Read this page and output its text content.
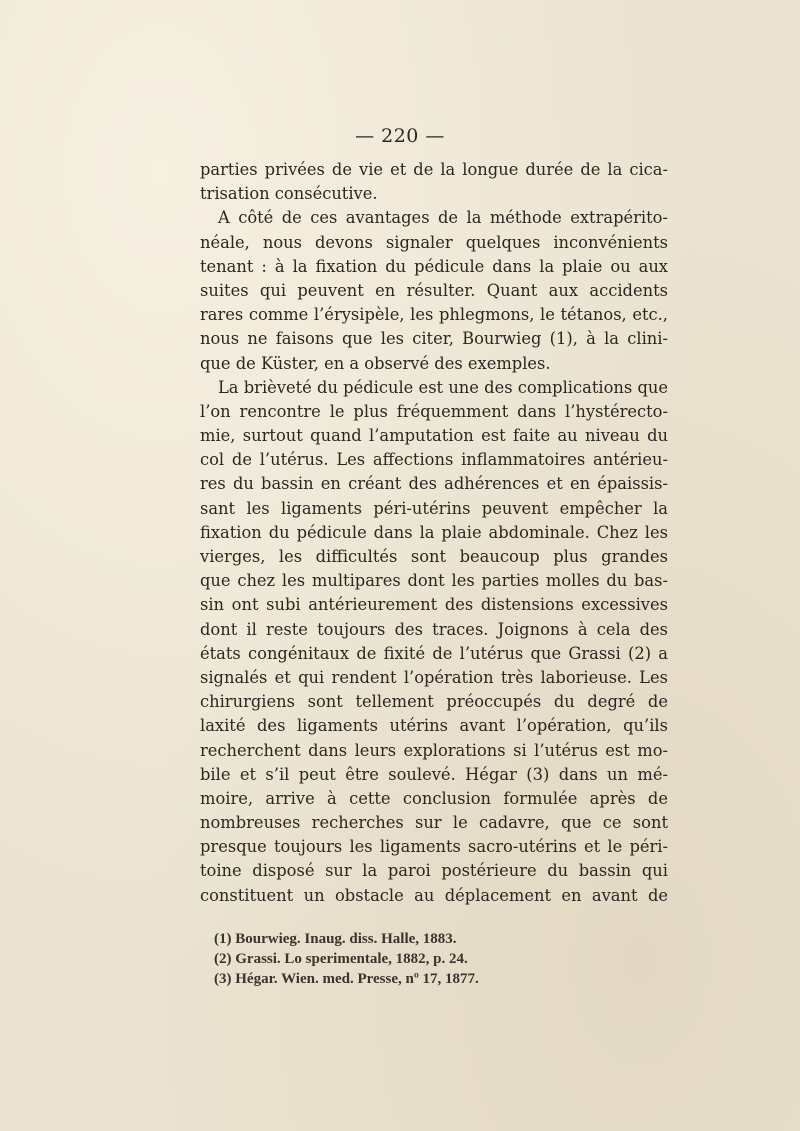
— 220 —
parties privées de vie et de la longue durée de la cica-
trisation consécutive.
A côté de ces avantages de la méthode extrapérito-
néale, nous devons signaler quelques inconvénients
tenant : à la fixation du pédicule dans la plaie ou aux
suites qui peuvent en résulter. Quant aux accidents
rares comme l’érysipèle, les phlegmons, le tétanos, etc.,
nous ne faisons que les citer, Bourwieg (1), à la clini-
que de Küster, en a observé des exemples.
La brièveté du pédicule est une des complications que
l’on rencontre le plus fréquemment dans l’hystérecto-
mie, surtout quand l’amputation est faite au niveau du
col de l’utérus. Les affections inflammatoires antérieu-
res du bassin en créant des adhérences et en épaissis-
sant les ligaments péri-utérins peuvent empêcher la
fixation du pédicule dans la plaie abdominale. Chez les
vierges, les difficultés sont beaucoup plus grandes
que chez les multipares dont les parties molles du bas-
sin ont subi antérieurement des distensions excessives
dont il reste toujours des traces. Joignons à cela des
états congénitaux de fixité de l’utérus que Grassi (2) a
signalés et qui rendent l’opération très laborieuse. Les
chirurgiens sont tellement préoccupés du degré de
laxité des ligaments utérins avant l’opération, qu’ils
recherchent dans leurs explorations si l’utérus est mo-
bile et s’il peut être soulevé. Hégar (3) dans un mé-
moire, arrive à cette conclusion formulée après de
nombreuses recherches sur le cadavre, que ce sont
presque toujours les ligaments sacro-utérins et le péri-
toine disposé sur la paroi postérieure du bassin qui
constituent un obstacle au déplacement en avant de
(1) Bourwieg. Inaug. diss. Halle, 1883.
(2) Grassi. Lo sperimentale, 1882, p. 24.
(3) Hégar. Wien. med. Presse, nº 17, 1877.
